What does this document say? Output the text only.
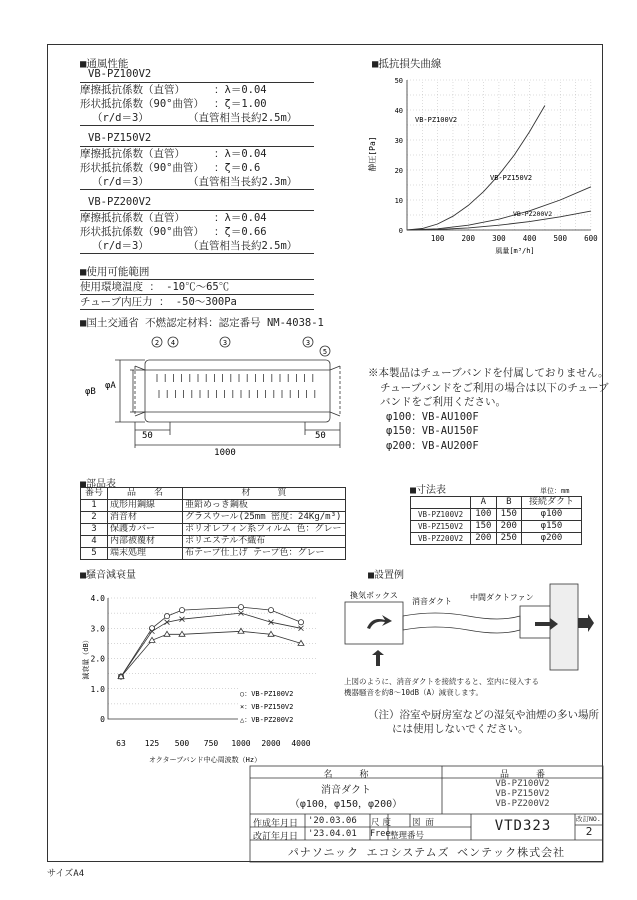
■通風性能
VB-PZ100V2
摩擦抵抗係数（直管）	：λ＝0.04
形状抵抗係数（90°曲管） ：ζ＝1.00
（r/d＝3）	（直管相当長約2.5m）
VB-PZ150V2
摩擦抵抗係数（直管）	：λ＝0.04
形状抵抗係数（90°曲管） ：ζ＝0.6
（r/d＝3）	（直管相当長約2.3m）
VB-PZ200V2
摩擦抵抗係数（直管）	：λ＝0.04
形状抵抗係数（90°曲管） ：ζ＝0.66
（r/d＝3）	（直管相当長約2.5m）
■使用可能範囲
使用環境温度 ： -10℃～65℃
チューブ内圧力 ： -50～300Pa
■国土交通省 不燃認定材料：認定番号 NM-4038-1
■抵抗損失曲線
50
40
30
20
10
0
100 200 300 400 500 600
静圧[Pa]
風量[m³/h]
VB-PZ100V2
VB-PZ150V2
VB-PZ200V2
2 4	3	3
5
φB
φA
50	50
1000
※本製品はチューブバンドを付属しておりません。
チューブバンドをご利用の場合は以下のチューブ
バンドをご利用ください。
φ100：VB-AU100F
φ150：VB-AU150F
φ200：VB-AU200F
■部品表
番号	品　　名	材　　　質
1	成形用鋼線	亜鉛めっき鋼板
2	消音材	グラスウール(25mm 密度：24Kg/m³)
3	保護カバー	ポリオレフィン系フィルム 色：グレー
4	内部被覆材	ポリエステル不織布
5	端末処理	布テープ仕上げ テープ色：グレー
■寸法表	単位：mm
	A	B	接続ダクト
VB-PZ100V2	100	150	φ100
VB-PZ150V2	150	200	φ150
VB-PZ200V2	200	250	φ200
■騒音減衰量
4.0
3.0
2.0
1.0
0
63 125 500 750 1000 2000 4000
減衰量（dB）
オクターブバンド中心周波数（Hz）
○：VB-PZ100V2
×：VB-PZ150V2
△：VB-PZ200V2
■設置例
換気ボックス
消音ダクト 中間ダクトファン
上図のように、消音ダクトを接続すると、室内に侵入する
機器騒音を約8～10dB（A）減衰します。
（注）浴室や厨房室などの湿気や油煙の多い場所
には使用しないでください。
名　　　称	品　　　番
消音ダクト
（φ100，φ150，φ200）
VB-PZ100V2
VB-PZ150V2
VB-PZ200V2
作成年月日 '20.03.06
改訂年月日 '23.04.01
尺度
Free
図面
整理番号
VTD323	改訂NO.
2
パナソニック エコシステムズ ベンテック株式会社
サイズA4
